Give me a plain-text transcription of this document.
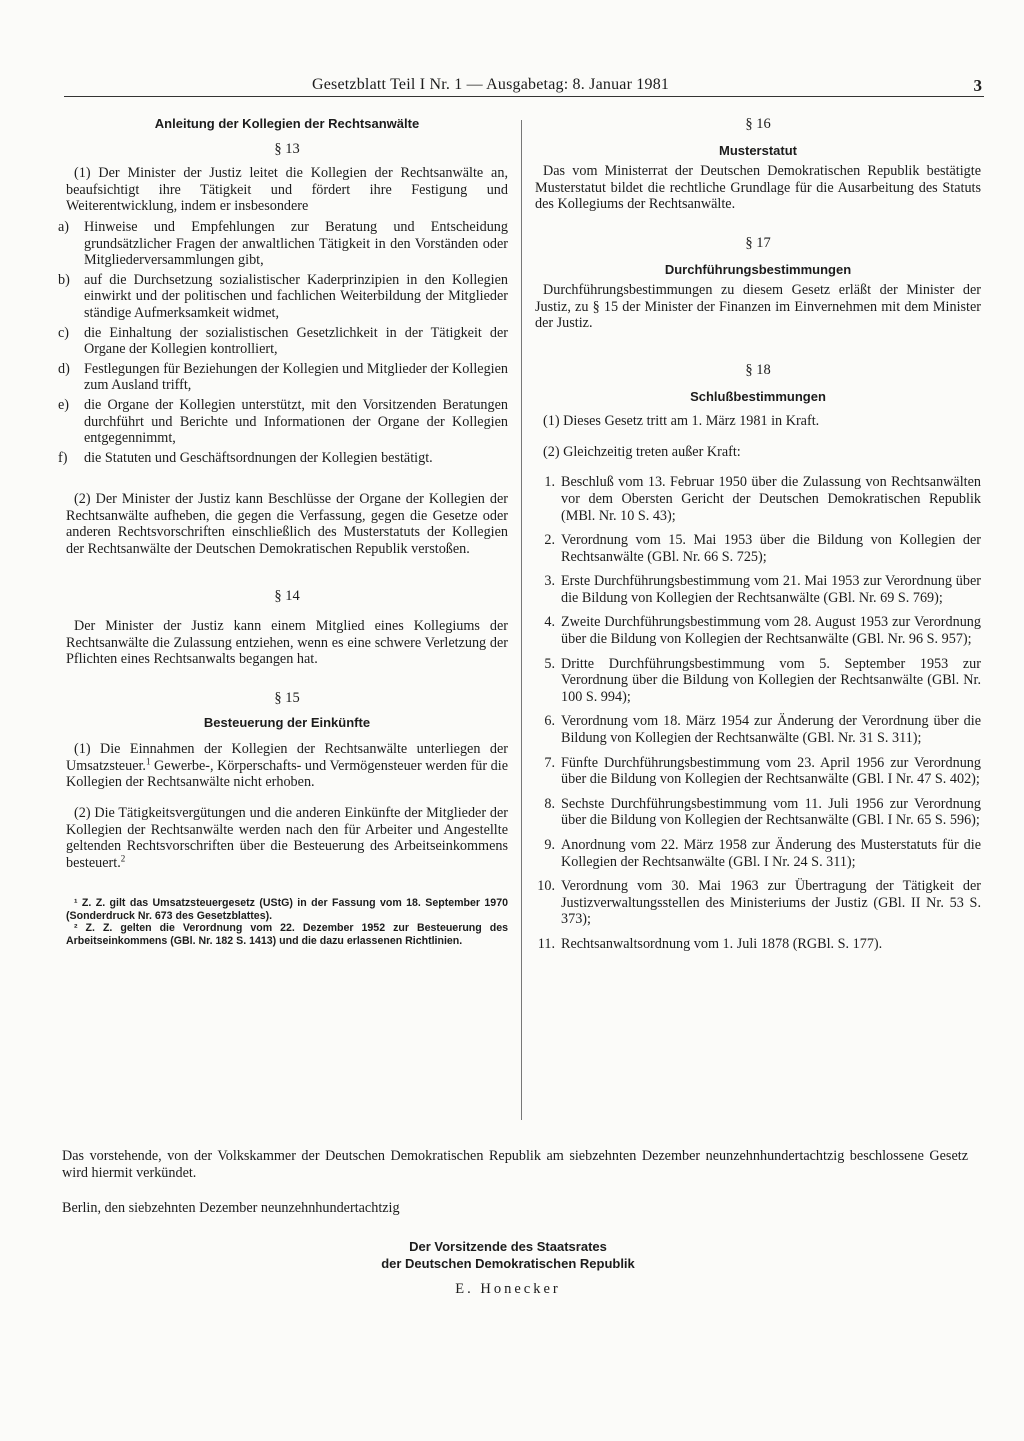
Gesetzblatt Teil I Nr. 1 — Ausgabetag: 8. Januar 1981	3
Anleitung der Kollegien der Rechtsanwälte
§ 13

(1) Der Minister der Justiz leitet die Kollegien der Rechtsanwälte an, beaufsichtigt ihre Tätigkeit und fördert ihre Festigung und Weiterentwicklung, indem er insbesondere

a) Hinweise und Empfehlungen zur Beratung und Entscheidung grundsätzlicher Fragen der anwaltlichen Tätigkeit in den Vorständen oder Mitgliederversammlungen gibt,
b) auf die Durchsetzung sozialistischer Kaderprinzipien in den Kollegien einwirkt und der politischen und fachlichen Weiterbildung der Mitglieder ständige Aufmerksamkeit widmet,
c) die Einhaltung der sozialistischen Gesetzlichkeit in der Tätigkeit der Organe der Kollegien kontrolliert,
d) Festlegungen für Beziehungen der Kollegien und Mitglieder der Kollegien zum Ausland trifft,
e) die Organe der Kollegien unterstützt, mit den Vorsitzenden Beratungen durchführt und Berichte und Informationen der Organe der Kollegien entgegennimmt,
f) die Statuten und Geschäftsordnungen der Kollegien bestätigt.

(2) Der Minister der Justiz kann Beschlüsse der Organe der Kollegien der Rechtsanwälte aufheben, die gegen die Verfassung, gegen die Gesetze oder anderen Rechtsvorschriften einschließlich des Musterstatuts der Kollegien der Rechtsanwälte der Deutschen Demokratischen Republik verstoßen.

§ 14

Der Minister der Justiz kann einem Mitglied eines Kollegiums der Rechtsanwälte die Zulassung entziehen, wenn es eine schwere Verletzung der Pflichten eines Rechtsanwalts begangen hat.

§ 15
Besteuerung der Einkünfte

(1) Die Einnahmen der Kollegien der Rechtsanwälte unterliegen der Umsatzsteuer.$^1$ Gewerbe-, Körperschafts- und Vermögensteuer werden für die Kollegien der Rechtsanwälte nicht erhoben.

(2) Die Tätigkeitsvergütungen und die anderen Einkünfte der Mitglieder der Kollegien der Rechtsanwälte werden nach den für Arbeiter und Angestellte geltenden Rechtsvorschriften über die Besteuerung des Arbeitseinkommens besteuert.$^2$

¹ Z. Z. gilt das Umsatzsteuergesetz (UStG) in der Fassung vom 18. September 1970 (Sonderdruck Nr. 673 des Gesetzblattes).

² Z. Z. gelten die Verordnung vom 22. Dezember 1952 zur Besteuerung des Arbeitseinkommens (GBl. Nr. 182 S. 1413) und die dazu erlassenen Richtlinien.

§ 16
Musterstatut

Das vom Ministerrat der Deutschen Demokratischen Republik bestätigte Musterstatut bildet die rechtliche Grundlage für die Ausarbeitung des Statuts des Kollegiums der Rechtsanwälte.

§ 17
Durchführungsbestimmungen

Durchführungsbestimmungen zu diesem Gesetz erläßt der Minister der Justiz, zu § 15 der Minister der Finanzen im Einvernehmen mit dem Minister der Justiz.

§ 18
Schlußbestimmungen

(1) Dieses Gesetz tritt am 1. März 1981 in Kraft.

(2) Gleichzeitig treten außer Kraft:

1. Beschluß vom 13. Februar 1950 über die Zulassung von Rechtsanwälten vor dem Obersten Gericht der Deutschen Demokratischen Republik (MBl. Nr. 10 S. 43);
2. Verordnung vom 15. Mai 1953 über die Bildung von Kollegien der Rechtsanwälte (GBl. Nr. 66 S. 725);
3. Erste Durchführungsbestimmung vom 21. Mai 1953 zur Verordnung über die Bildung von Kollegien der Rechtsanwälte (GBl. Nr. 69 S. 769);
4. Zweite Durchführungsbestimmung vom 28. August 1953 zur Verordnung über die Bildung von Kollegien der Rechtsanwälte (GBl. Nr. 96 S. 957);
5. Dritte Durchführungsbestimmung vom 5. September 1953 zur Verordnung über die Bildung von Kollegien der Rechtsanwälte (GBl. Nr. 100 S. 994);
6. Verordnung vom 18. März 1954 zur Änderung der Verordnung über die Bildung von Kollegien der Rechtsanwälte (GBl. Nr. 31 S. 311);
7. Fünfte Durchführungsbestimmung vom 23. April 1956 zur Verordnung über die Bildung von Kollegien der Rechtsanwälte (GBl. I Nr. 47 S. 402);
8. Sechste Durchführungsbestimmung vom 11. Juli 1956 zur Verordnung über die Bildung von Kollegien der Rechtsanwälte (GBl. I Nr. 65 S. 596);
9. Anordnung vom 22. März 1958 zur Änderung des Musterstatuts für die Kollegien der Rechtsanwälte (GBl. I Nr. 24 S. 311);
10. Verordnung vom 30. Mai 1963 zur Übertragung der Tätigkeit der Justizverwaltungsstellen des Ministeriums der Justiz (GBl. II Nr. 53 S. 373);
11. Rechtsanwaltsordnung vom 1. Juli 1878 (RGBl. S. 177).

Das vorstehende, von der Volkskammer der Deutschen Demokratischen Republik am siebzehnten Dezember neunzehnhundertachtzig beschlossene Gesetz wird hiermit verkündet.

Berlin, den siebzehnten Dezember neunzehnhundertachtzig
Der Vorsitzende des Staatsrates
der Deutschen Demokratischen Republik
E. Honecker
